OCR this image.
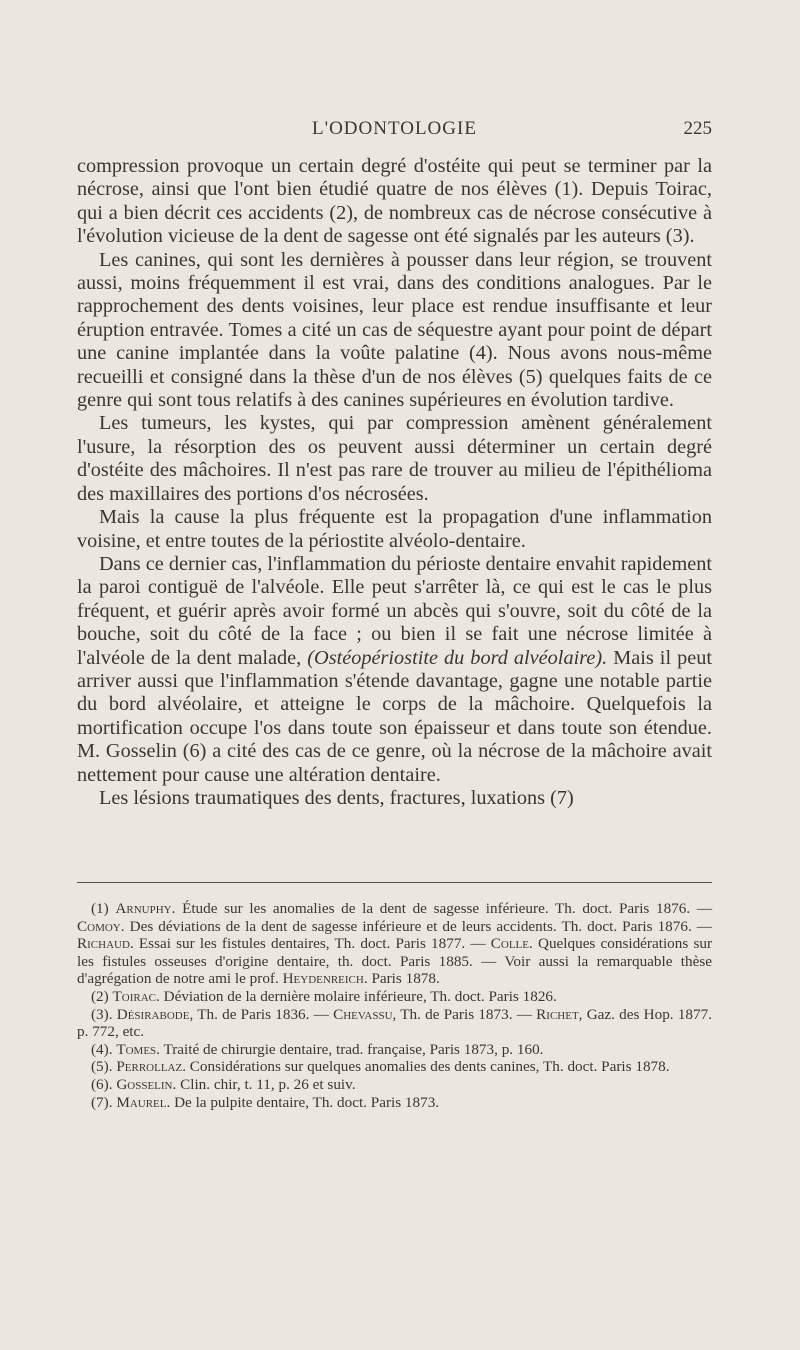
L'ODONTOLOGIE	225

compression provoque un certain degré d'ostéite qui peut se terminer par la nécrose, ainsi que l'ont bien étudié quatre de nos élèves (1). Depuis Toirac, qui a bien décrit ces accidents (2), de nombreux cas de nécrose consécutive à l'évolution vicieuse de la dent de sagesse ont été signalés par les auteurs (3).

Les canines, qui sont les dernières à pousser dans leur région, se trouvent aussi, moins fréquemment il est vrai, dans des conditions analogues. Par le rapprochement des dents voisines, leur place est rendue insuffisante et leur éruption entravée. Tomes a cité un cas de séquestre ayant pour point de départ une canine implantée dans la voûte palatine (4). Nous avons nous-même recueilli et consigné dans la thèse d'un de nos élèves (5) quelques faits de ce genre qui sont tous relatifs à des canines supérieures en évolution tardive.

Les tumeurs, les kystes, qui par compression amènent généralement l'usure, la résorption des os peuvent aussi déterminer un certain degré d'ostéite des mâchoires. Il n'est pas rare de trouver au milieu de l'épithélioma des maxillaires des portions d'os nécrosées.

Mais la cause la plus fréquente est la propagation d'une inflammation voisine, et entre toutes de la périostite alvéolo-dentaire.

Dans ce dernier cas, l'inflammation du périoste dentaire envahit rapidement la paroi contiguë de l'alvéole. Elle peut s'arrêter là, ce qui est le cas le plus fréquent, et guérir après avoir formé un abcès qui s'ouvre, soit du côté de la bouche, soit du côté de la face ; ou bien il se fait une nécrose limitée à l'alvéole de la dent malade, (Ostéopériostite du bord alvéolaire). Mais il peut arriver aussi que l'inflammation s'étende davantage, gagne une notable partie du bord alvéolaire, et atteigne le corps de la mâchoire. Quelquefois la mortification occupe l'os dans toute son épaisseur et dans toute son étendue. M. Gosselin (6) a cité des cas de ce genre, où la nécrose de la mâchoire avait nettement pour cause une altération dentaire.

Les lésions traumatiques des dents, fractures, luxations (7)

(1) Arnuphy. Étude sur les anomalies de la dent de sagesse inférieure. Th. doct. Paris 1876. — Comoy. Des déviations de la dent de sagesse inférieure et de leurs accidents. Th. doct. Paris 1876. — Richaud. Essai sur les fistules dentaires, Th. doct. Paris 1877. — Colle. Quelques considérations sur les fistules osseuses d'origine dentaire, th. doct. Paris 1885. — Voir aussi la remarquable thèse d'agrégation de notre ami le prof. Heydenreich. Paris 1878.

(2) Toirac. Déviation de la dernière molaire inférieure, Th. doct. Paris 1826.

(3). Désirabode, Th. de Paris 1836. — Chevassu, Th. de Paris 1873. — Richet, Gaz. des Hop. 1877. p. 772, etc.

(4). Tomes. Traité de chirurgie dentaire, trad. française, Paris 1873, p. 160.

(5). Perrollaz. Considérations sur quelques anomalies des dents canines, Th. doct. Paris 1878.

(6). Gosselin. Clin. chir, t. 11, p. 26 et suiv.

(7). Maurel. De la pulpite dentaire, Th. doct. Paris 1873.
